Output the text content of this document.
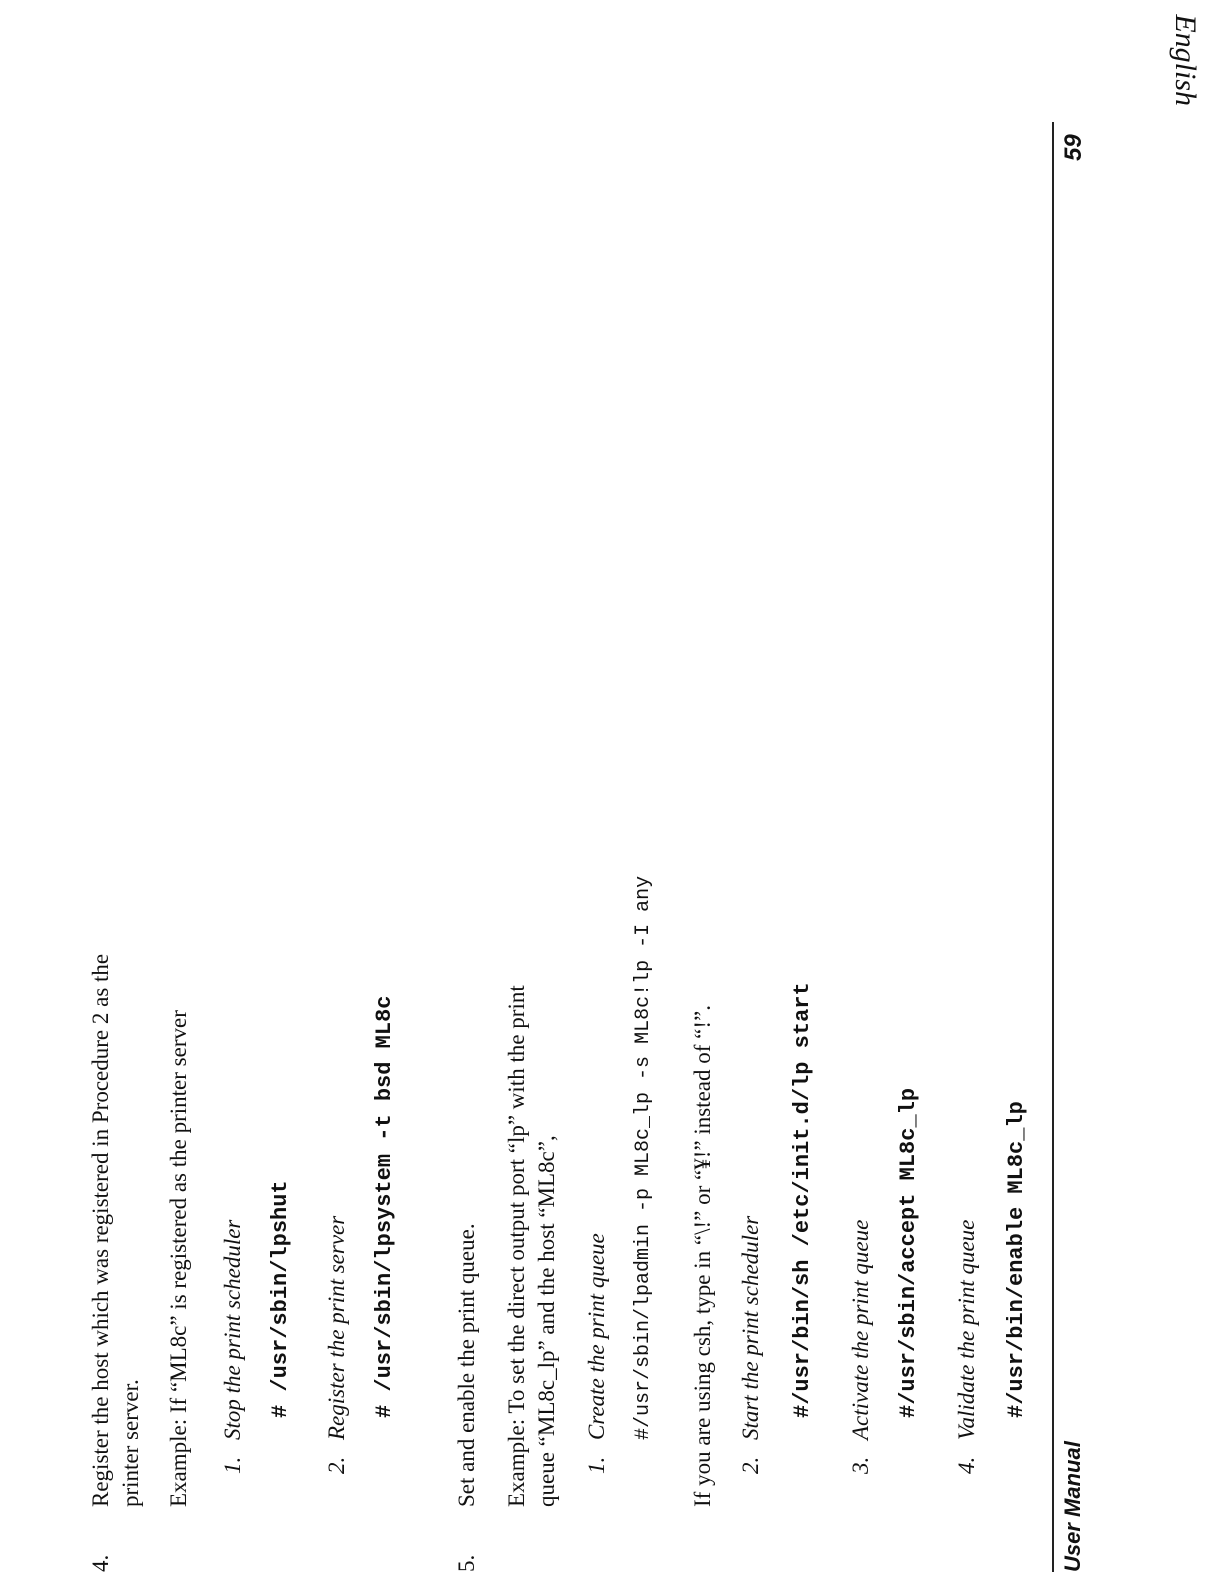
4.
Register the host which was registered in Procedure 2 as the printer server. Example: If “ML8c” is registered as the printer server 1.
Stop the print scheduler # /usr/sbin/lpshut
2.
Register the print server # /usr/sbin/lpsystem -t bsd ML8c
5.
Set and enable the print queue. Example: To set the direct output port “lp” with the print queue “ML8c_lp” and the host “ML8c”, 1.
Create the print queue #/usr/sbin/lpadmin -p ML8c_lp -s ML8c!lp -I any If you are using csh, type in “\!” or “¥!” instead of “!”. 2.
Start the print scheduler #/usr/bin/sh /etc/init.d/lp start
3.
Activate the print queue #/usr/sbin/accept ML8c_lp
4.
Validate the print queue #/usr/bin/enable ML8c_lp
User Manual
59
English
